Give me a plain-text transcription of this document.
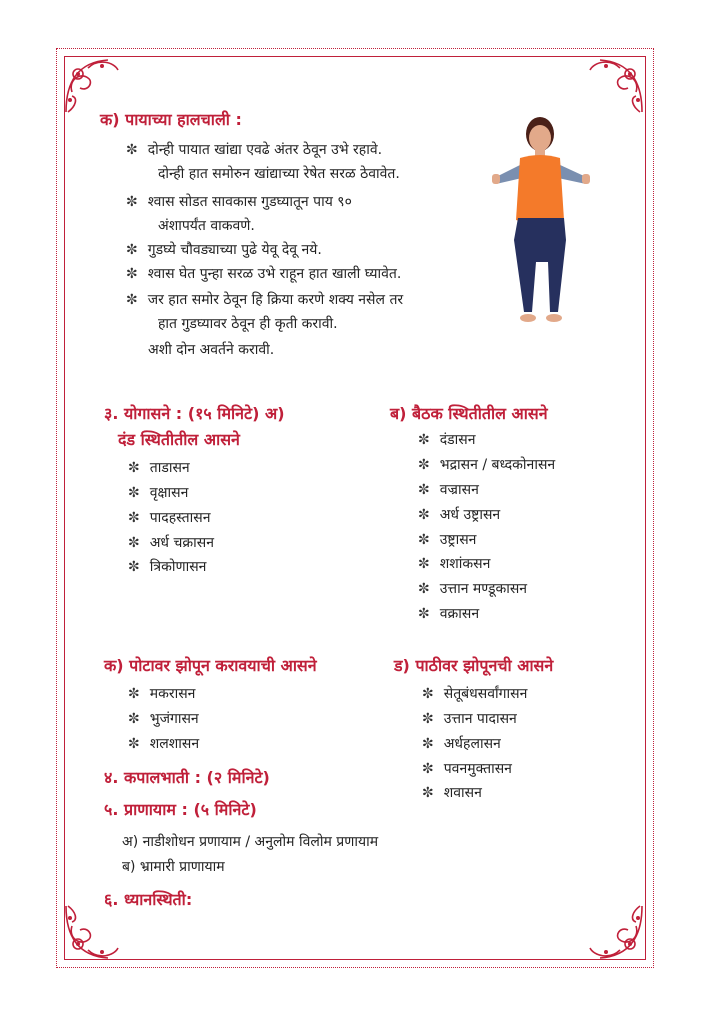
क) पायाच्या हालचाली :
✼ दोन्ही पायात खांद्या एवढे अंतर ठेवून उभे रहावे.
दोन्ही हात समोरुन खांद्याच्या रेषेत सरळ ठेवावेत.
✼ श्वास सोडत सावकास गुडघ्यातून पाय ९०
अंशापर्यंत वाकवणे.
✼ गुडघ्ये चौवड्याच्या पुढे येवू देवू नये.
✼ श्वास घेत पुन्हा सरळ उभे राहून हात खाली घ्यावेत.
✼ जर हात समोर ठेवून हि क्रिया करणे शक्य नसेल तर
हात गुडघ्यावर ठेवून ही कृती करावी.
अशी दोन अवर्तने करावी.
३. योगासने : (१५ मिनिटे) अ)
दंड स्थितीतील आसने
✼ ताडासन
✼ वृक्षासन
✼ पादहस्तासन
✼ अर्ध चक्रासन
✼ त्रिकोणासन
ब) बैठक स्थितीतील आसने
✼ दंडासन
✼ भद्रासन / बध्दकोनासन
✼ वज्रासन
✼ अर्ध उष्ट्रासन
✼ उष्ट्रासन
✼ शशांकसन
✼ उत्तान मण्डूकासन
✼ वक्रासन
क) पोटावर झोपून करावयाची आसने
✼ मकरासन
✼ भुजंगासन
✼ शलशासन
ड) पाठीवर झोपूनची आसने
✼ सेतूबंधसर्वांगासन
✼ उत्तान पादासन
✼ अर्धहलासन
✼ पवनमुक्तासन
✼ शवासन
४. कपालभाती : (२ मिनिटे)
५. प्राणायाम : (५ मिनिटे)
अ) नाडीशोधन प्रणायाम / अनुलोम विलोम प्रणायाम
ब) भ्रामारी प्राणायाम
६. ध्यानस्थिती:
